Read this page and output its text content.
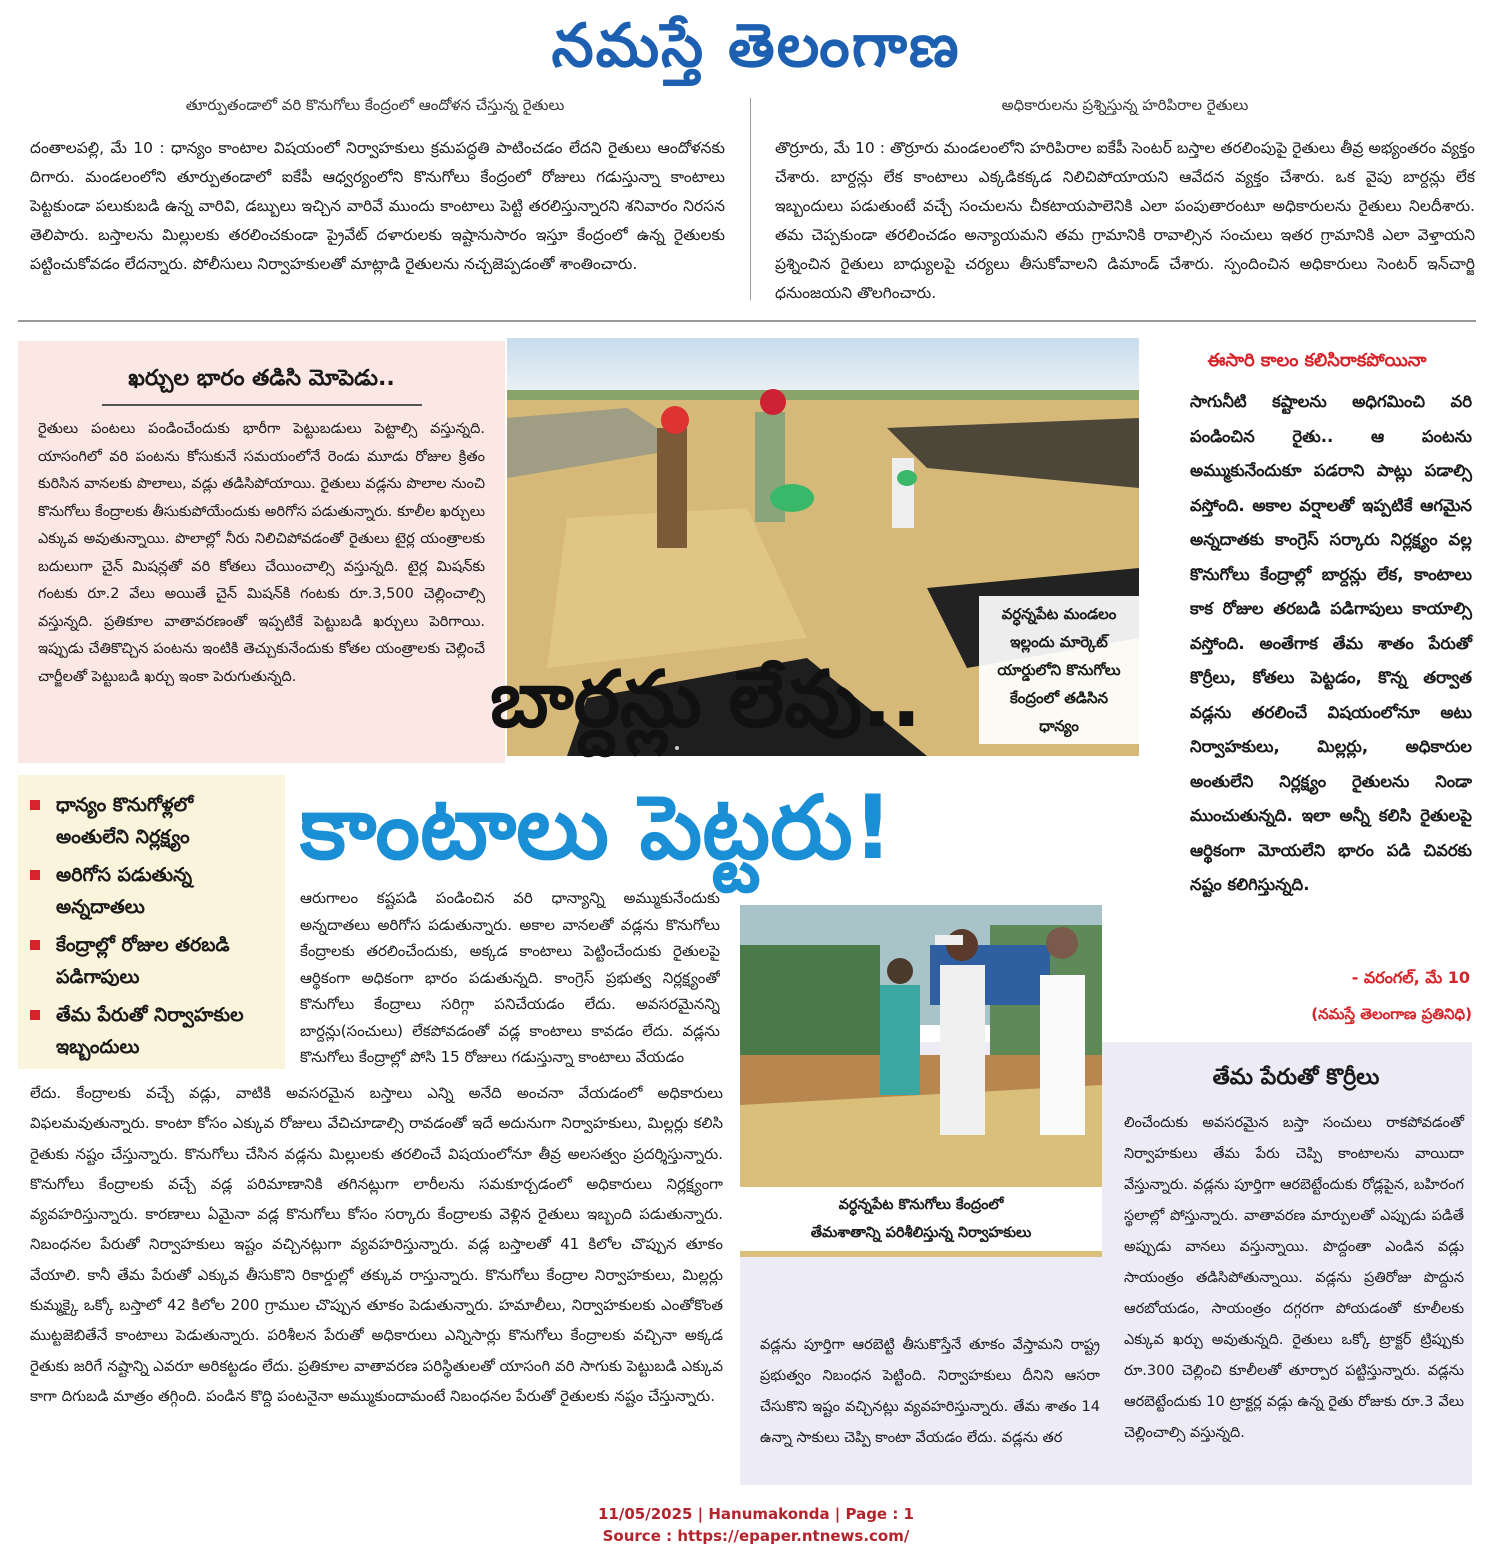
నమస్తే తెలంగాణ
తూర్పుతండాలో వరి కొనుగోలు కేంద్రంలో ఆందోళన చేస్తున్న రైతులు
దంతాలపల్లి, మే 10 : ధాన్యం కాంటాల విషయంలో నిర్వాహకులు క్రమపద్ధతి పాటించడం లేదని రైతులు ఆందోళనకు దిగారు. మండలంలోని తూర్పుతండాలో ఐకేపీ ఆధ్వర్యంలోని కొనుగోలు కేంద్రంలో రోజులు గడుస్తున్నా కాంటాలు పెట్టకుండా పలుకుబడి ఉన్న వారివి, డబ్బులు ఇచ్చిన వారివే ముందు కాంటాలు పెట్టి తరలిస్తున్నారని శనివారం నిరసన తెలిపారు. బస్తాలను మిల్లులకు తరలించకుండా ప్రైవేట్ దళారులకు ఇష్టానుసారం ఇస్తూ కేంద్రంలో ఉన్న రైతులకు పట్టించుకోవడం లేదన్నారు. పోలీసులు నిర్వాహకులతో మాట్లాడి రైతులను నచ్చజెప్పడంతో శాంతించారు.
అధికారులను ప్రశ్నిస్తున్న హరిపిరాల రైతులు
తొర్రూరు, మే 10 : తొర్రూరు మండలంలోని హరిపిరాల ఐకేపీ సెంటర్ బస్తాల తరలింపుపై రైతులు తీవ్ర అభ్యంతరం వ్యక్తం చేశారు. బార్దన్లు లేక కాంటాలు ఎక్కడికక్కడ నిలిచిపోయాయని ఆవేదన వ్యక్తం చేశారు. ఒక వైపు బార్దన్లు లేక ఇబ్బందులు పడుతుంటే వచ్చే సంచులను చీకటాయపాలెనికి ఎలా పంపుతారంటూ అధికారులను రైతులు నిలదీశారు. తమ చెప్పకుండా తరలించడం అన్యాయమని తమ గ్రామానికి రావాల్సిన సంచులు ఇతర గ్రామానికి ఎలా వెళ్తాయని ప్రశ్నించిన రైతులు బాధ్యులపై చర్యలు తీసుకోవాలని డిమాండ్ చేశారు. స్పందించిన అధికారులు సెంటర్ ఇన్‌చార్జి ధనుంజయని తొలగించారు.
ఖర్చుల భారం తడిసి మోపెడు..
రైతులు పంటలు పండించేందుకు భారీగా పెట్టుబడులు పెట్టాల్సి వస్తున్నది. యాసంగిలో వరి పంటను కోసుకునే సమయంలోనే రెండు మూడు రోజుల క్రితం కురిసిన వానలకు పొలాలు, వడ్లు తడిసిపోయాయి. రైతులు వడ్లను పొలాల నుంచి కొనుగోలు కేంద్రాలకు తీసుకుపోయేందుకు అరిగోస పడుతున్నారు. కూలీల ఖర్చులు ఎక్కువ అవుతున్నాయి. పొలాల్లో నీరు నిలిచిపోవడంతో రైతులు టైర్ల యంత్రాలకు బదులుగా చైన్ మిషన్లతో వరి కోతలు చేయించాల్సి వస్తున్నది. టైర్ల మిషన్‌కు గంటకు రూ.2 వేలు అయితే చైన్ మిషన్‌కి గంటకు రూ.3,500 చెల్లించాల్సి వస్తున్నది. ప్రతికూల వాతావరణంతో ఇప్పటికే పెట్టుబడి ఖర్చులు పెరిగాయి. ఇప్పుడు చేతికొచ్చిన పంటను ఇంటికి తెచ్చుకునేందుకు కోతల యంత్రాలకు చెల్లించే చార్జీలతో పెట్టుబడి ఖర్చు ఇంకా పెరుగుతున్నది.
వర్ధన్నపేట మండలం
ఇల్లందు మార్కెట్
యార్డులోని కొనుగోలు
కేంద్రంలో తడిసిన
ధాన్యం
బార్దన్లు లేవు..
కాంటాలు పెట్టరు!
ధాన్యం కొనుగోళ్లలో అంతులేని నిర్లక్ష్యం
అరిగోస పడుతున్న అన్నదాతలు
కేంద్రాల్లో రోజుల తరబడి పడిగాపులు
తేమ పేరుతో నిర్వాహకుల ఇబ్బందులు
ఈసారి కాలం కలిసిరాకపోయినా
సాగునీటి కష్టాలను అధిగమించి వరి పండించిన రైతు.. ఆ పంటను అమ్ముకునేందుకూ పడరాని పాట్లు పడాల్సి వస్తోంది. అకాల వర్షాలతో ఇప్పటికే ఆగమైన అన్నదాతకు కాంగ్రెస్ సర్కారు నిర్లక్ష్యం వల్ల కొనుగోలు కేంద్రాల్లో బార్దన్లు లేక, కాంటాలు కాక రోజుల తరబడి పడిగాపులు కాయాల్సి వస్తోంది. అంతేగాక తేమ శాతం పేరుతో కొర్రీలు, కోతలు పెట్టడం, కొన్న తర్వాత వడ్లను తరలించే విషయంలోనూ అటు నిర్వాహకులు, మిల్లర్లు, అధికారుల అంతులేని నిర్లక్ష్యం రైతులను నిండా ముంచుతున్నది. ఇలా అన్నీ కలిసి రైతులపై ఆర్థికంగా మోయలేని భారం పడి చివరకు నష్టం కలిగిస్తున్నది.
- వరంగల్, మే 10
(నమస్తే తెలంగాణ ప్రతినిధి)
ఆరుగాలం కష్టపడి పండించిన వరి ధాన్యాన్ని అమ్ముకునేందుకు అన్నదాతలు అరిగోస పడుతున్నారు. అకాల వానలతో వడ్లను కొనుగోలు కేంద్రాలకు తరలించేందుకు, అక్కడ కాంటాలు పెట్టించేందుకు రైతులపై ఆర్థికంగా అధికంగా భారం పడుతున్నది. కాంగ్రెస్ ప్రభుత్వ నిర్లక్ష్యంతో కొనుగోలు కేంద్రాలు సరిగ్గా పనిచేయడం లేదు. అవసరమైనన్ని బార్దన్లు(సంచులు) లేకపోవడంతో వడ్ల కాంటాలు కావడం లేదు. వడ్లను కొనుగోలు కేంద్రాల్లో పోసి 15 రోజులు గడుస్తున్నా కాంటాలు వేయడం
లేదు. కేంద్రాలకు వచ్చే వడ్లు, వాటికి అవసరమైన బస్తాలు ఎన్ని అనేది అంచనా వేయడంలో అధికారులు విఫలమవుతున్నారు. కాంటా కోసం ఎక్కువ రోజులు వేచిచూడాల్సి రావడంతో ఇదే అదునుగా నిర్వాహకులు, మిల్లర్లు కలిసి రైతుకు నష్టం చేస్తున్నారు. కొనుగోలు చేసిన వడ్లను మిల్లులకు తరలించే విషయంలోనూ తీవ్ర అలసత్వం ప్రదర్శిస్తున్నారు. కొనుగోలు కేంద్రాలకు వచ్చే వడ్ల పరిమాణానికి తగినట్లుగా లారీలను సమకూర్చడంలో అధికారులు నిర్లక్ష్యంగా వ్యవహరిస్తున్నారు. కారణాలు ఏమైనా వడ్ల కొనుగోలు కోసం సర్కారు కేంద్రాలకు వెళ్లిన రైతులు ఇబ్బంది పడుతున్నారు. నిబంధనల పేరుతో నిర్వాహకులు ఇష్టం వచ్చినట్లుగా వ్యవహరిస్తున్నారు. వడ్ల బస్తాలతో 41 కిలోల చొప్పున తూకం వేయాలి. కానీ తేమ పేరుతో ఎక్కువ తీసుకొని రికార్డుల్లో తక్కువ రాస్తున్నారు. కొనుగోలు కేంద్రాల నిర్వాహకులు, మిల్లర్లు కుమ్మక్కై ఒక్కో బస్తాలో 42 కిలోల 200 గ్రాముల చొప్పున తూకం పెడుతున్నారు. హమాలీలు, నిర్వాహకులకు ఎంతోకొంత ముట్టజెబితేనే కాంటాలు పెడుతున్నారు. పరిశీలన పేరుతో అధికారులు ఎన్నిసార్లు కొనుగోలు కేంద్రాలకు వచ్చినా అక్కడ రైతుకు జరిగే నష్టాన్ని ఎవరూ అరికట్టడం లేదు. ప్రతికూల వాతావరణ పరిస్థితులతో యాసంగి వరి సాగుకు పెట్టుబడి ఎక్కువ కాగా దిగుబడి మాత్రం తగ్గింది. పండిన కొద్ది పంటనైనా అమ్ముకుందామంటే నిబంధనల పేరుతో రైతులకు నష్టం చేస్తున్నారు.
వర్ధన్నపేట కొనుగోలు కేంద్రంలో
తేమశాతాన్ని పరిశీలిస్తున్న నిర్వాహకులు
వడ్లను పూర్తిగా ఆరబెట్టి తీసుకొస్తేనే తూకం వేస్తామని రాష్ట్ర ప్రభుత్వం నిబంధన పెట్టింది. నిర్వాహకులు దీనిని ఆసరా చేసుకొని ఇష్టం వచ్చినట్లు వ్యవహరిస్తున్నారు. తేమ శాతం 14 ఉన్నా సాకులు చెప్పి కాంటా వేయడం లేదు. వడ్లను తర
తేమ పేరుతో కొర్రీలు
లించేందుకు అవసరమైన బస్తా సంచులు రాకపోవడంతో నిర్వాహకులు తేమ పేరు చెప్పి కాంటాలను వాయిదా వేస్తున్నారు. వడ్లను పూర్తిగా ఆరబెట్టేందుకు రోడ్లపైన, బహిరంగ స్థలాల్లో పోస్తున్నారు. వాతావరణ మార్పులతో ఎప్పుడు పడితే అప్పుడు వానలు వస్తున్నాయి. పొద్దంతా ఎండిన వడ్లు సాయంత్రం తడిసిపోతున్నాయి. వడ్లను ప్రతిరోజు పొద్దున ఆరబోయడం, సాయంత్రం దగ్గరగా పోయడంతో కూలీలకు ఎక్కువ ఖర్చు అవుతున్నది. రైతులు ఒక్కో ట్రాక్టర్ ట్రిప్పుకు రూ.300 చెల్లించి కూలీలతో తూర్పార పట్టిస్తున్నారు. వడ్లను ఆరబెట్టేందుకు 10 ట్రాక్టర్ల వడ్లు ఉన్న రైతు రోజుకు రూ.3 వేలు చెల్లించాల్సి వస్తున్నది.
11/05/2025 | Hanumakonda | Page : 1
Source : https://epaper.ntnews.com/
